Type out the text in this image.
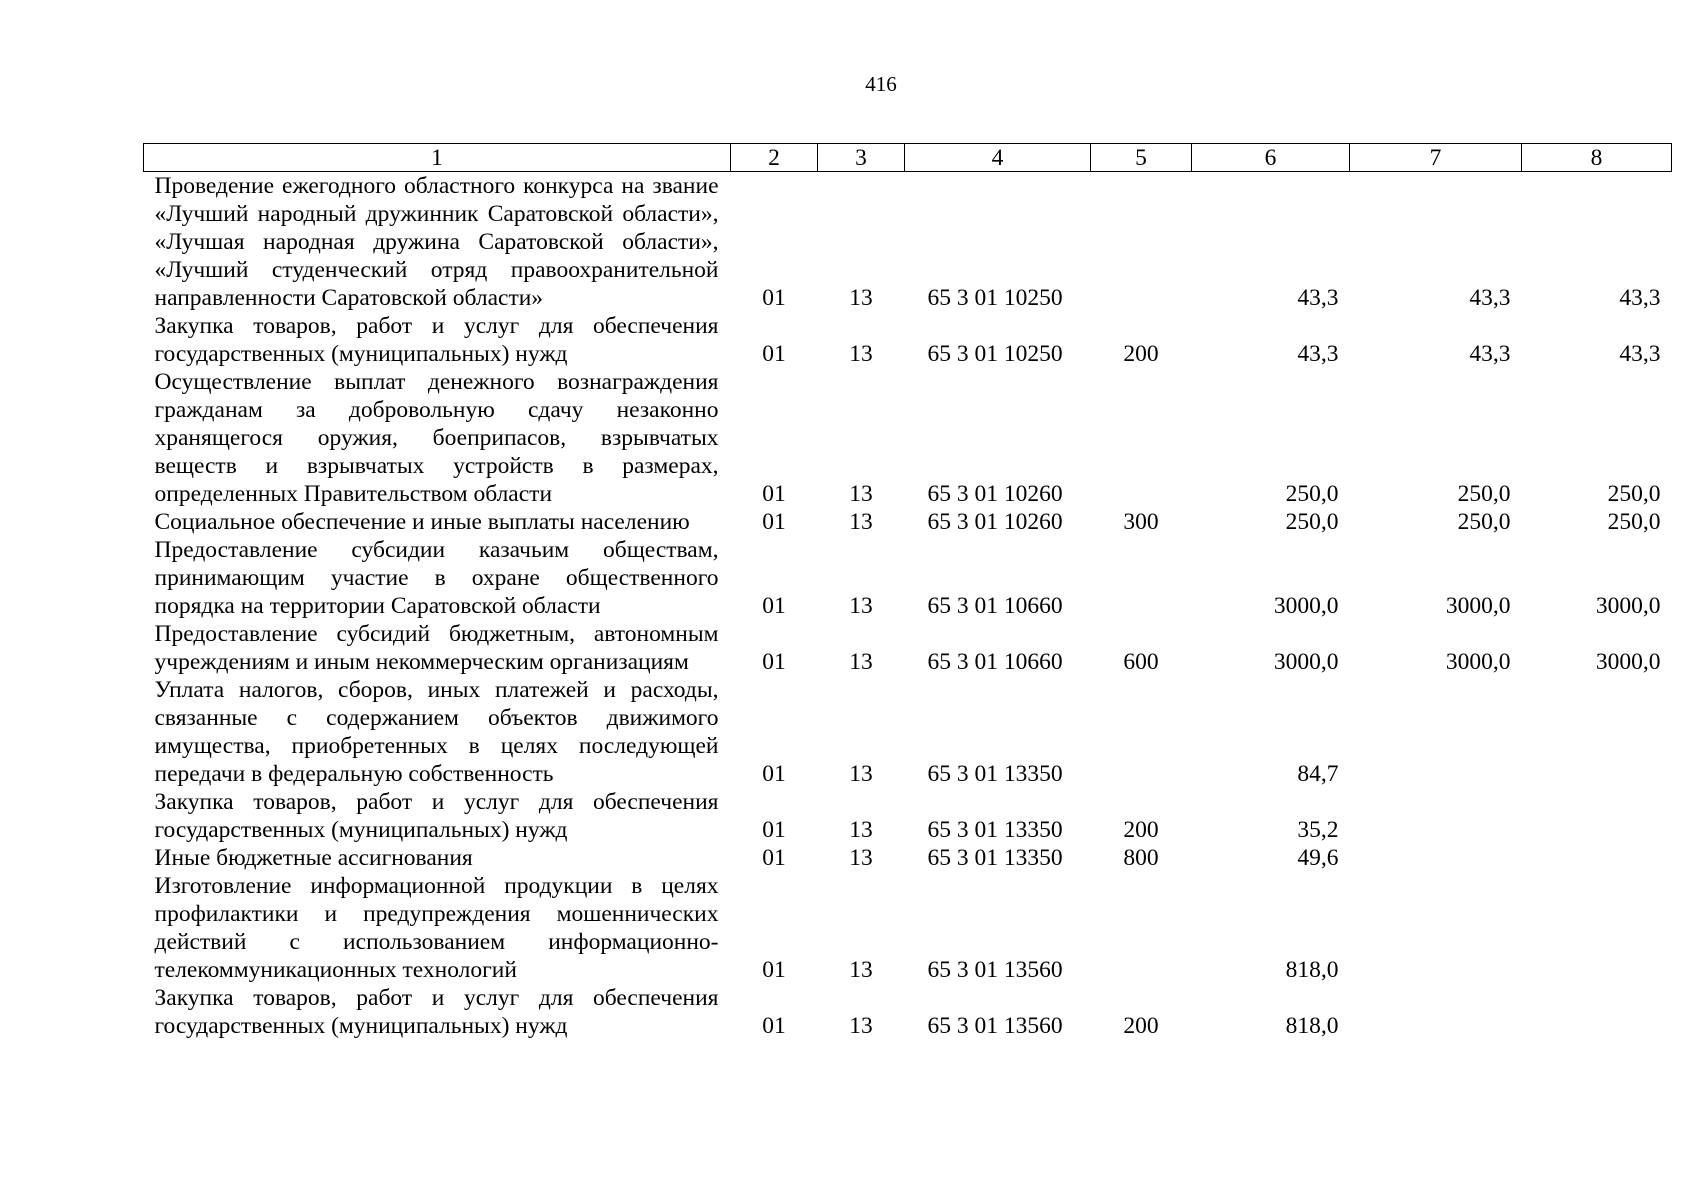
416
1	2	3	4	5	6	7	8
Проведение ежегодного областного конкурса на звание «Лучший народный дружинник Саратовской области», «Лучшая народная дружина Саратовской области», «Лучший студенческий отряд правоохранительной направленности Саратовской области»	01	13	65 3 01 10250		43,3	43,3	43,3
Закупка товаров, работ и услуг для обеспечения государственных (муниципальных) нужд	01	13	65 3 01 10250	200	43,3	43,3	43,3
Осуществление выплат денежного вознаграждения гражданам за добровольную сдачу незаконно хранящегося оружия, боеприпасов, взрывчатых веществ и взрывчатых устройств в размерах, определенных Правительством области	01	13	65 3 01 10260		250,0	250,0	250,0
Социальное обеспечение и иные выплаты населению	01	13	65 3 01 10260	300	250,0	250,0	250,0
Предоставление субсидии казачьим обществам, принимающим участие в охране общественного порядка на территории Саратовской области	01	13	65 3 01 10660		3000,0	3000,0	3000,0
Предоставление субсидий бюджетным, автономным учреждениям и иным некоммерческим организациям	01	13	65 3 01 10660	600	3000,0	3000,0	3000,0
Уплата налогов, сборов, иных платежей и расходы, связанные с содержанием объектов движимого имущества, приобретенных в целях последующей передачи в федеральную собственность	01	13	65 3 01 13350		84,7		
Закупка товаров, работ и услуг для обеспечения государственных (муниципальных) нужд	01	13	65 3 01 13350	200	35,2		
Иные бюджетные ассигнования	01	13	65 3 01 13350	800	49,6		
Изготовление информационной продукции в целях профилактики и предупреждения мошеннических действий с использованием информационно-телекоммуникационных технологий	01	13	65 3 01 13560		818,0		
Закупка товаров, работ и услуг для обеспечения государственных (муниципальных) нужд	01	13	65 3 01 13560	200	818,0		
